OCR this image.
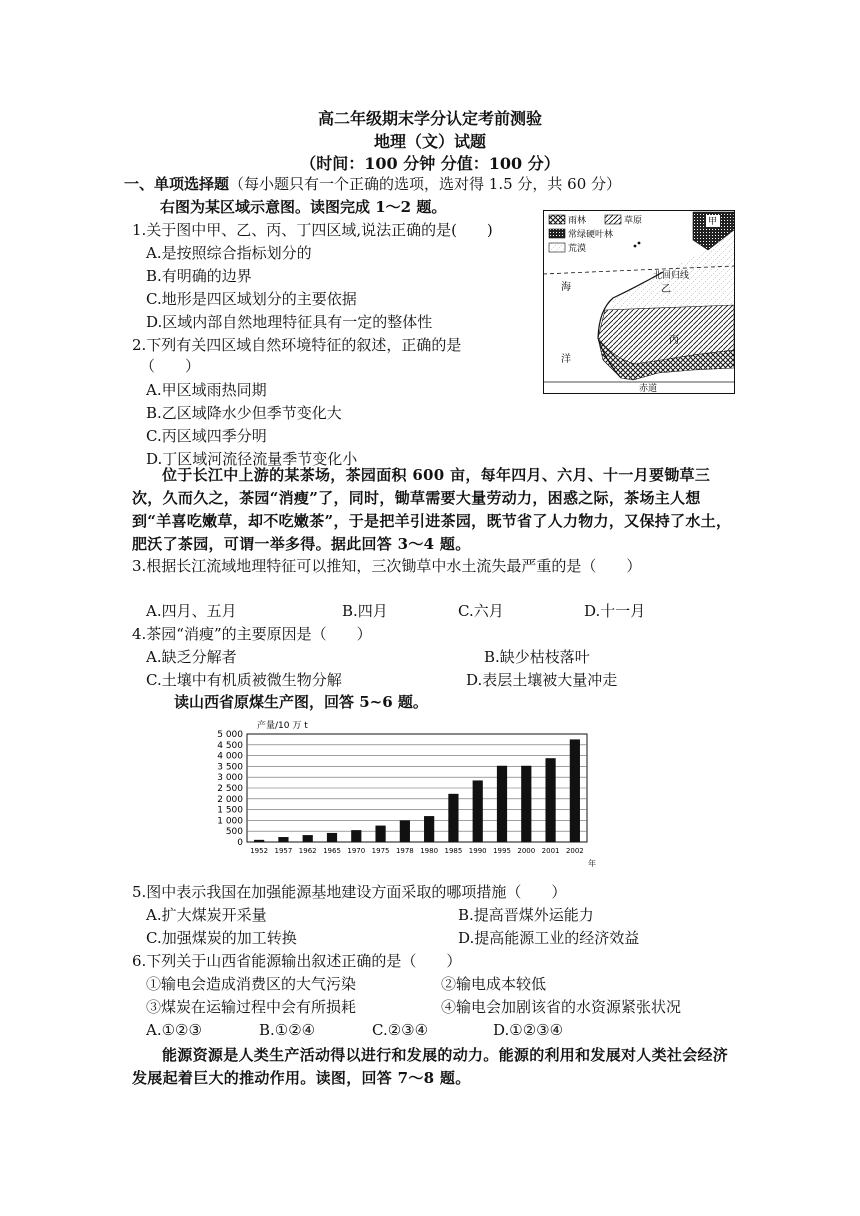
高二年级期末学分认定考前测验
地理（文）试题
（时间：100 分钟 分值：100 分）
一、单项选择题（每小题只有一个正确的选项，选对得 1.5 分，共 60 分）
右图为某区域示意图。读图完成 1～2 题。
1.关于图中甲、乙、丙、丁四区域,说法正确的是(　　)
A.是按照综合指标划分的
B.有明确的边界
C.地形是四区域划分的主要依据
D.区域内部自然地理特征具有一定的整体性
2.下列有关四区域自然环境特征的叙述，正确的是
（　　）
A.甲区域雨热同期
B.乙区域降水少但季节变化大
C.丙区域四季分明
D.丁区域河流径流量季节变化小
雨林	草原
常绿硬叶林
荒漠
甲
北回归线
乙
丙
海
洋
赤道
位于长江中上游的某茶场，茶园面积 600 亩，每年四月、六月、十一月要锄草三次，久而久之，茶园“消瘦”了，同时，锄草需要大量劳动力，困惑之际，茶场主人想到“羊喜吃嫩草，却不吃嫩茶”，于是把羊引进茶园，既节省了人力物力，又保持了水土，肥沃了茶园，可谓一举多得。据此回答 3～4 题。
3.根据长江流域地理特征可以推知，三次锄草中水土流失最严重的是（　　）
A.四月、五月	B.四月	C.六月	D.十一月
4.茶园“消瘦”的主要原因是（　　）
A.缺乏分解者	B.缺少枯枝落叶
C.土壤中有机质被微生物分解	D.表层土壤被大量冲走
读山西省原煤生产图，回答 5~6 题。
产量/10 万 t
0
500
1 000
1 500
2 000
2 500
3 000
3 500
4 000
4 500
5 000
1952 1957 1962 1965 1970 1975 1978 1980 1985 1990 1995 2000 2001 2002
年
5.图中表示我国在加强能源基地建设方面采取的哪项措施（　　）
A.扩大煤炭开采量	B.提高晋煤外运能力
C.加强煤炭的加工转换	D.提高能源工业的经济效益
6.下列关于山西省能源输出叙述正确的是（　　）
①输电会造成消费区的大气污染	②输电成本较低
③煤炭在运输过程中会有所损耗	④输电会加剧该省的水资源紧张状况
A.①②③	B.①②④	C.②③④	D.①②③④
能源资源是人类生产活动得以进行和发展的动力。能源的利用和发展对人类社会经济发展起着巨大的推动作用。读图，回答 7～8 题。
